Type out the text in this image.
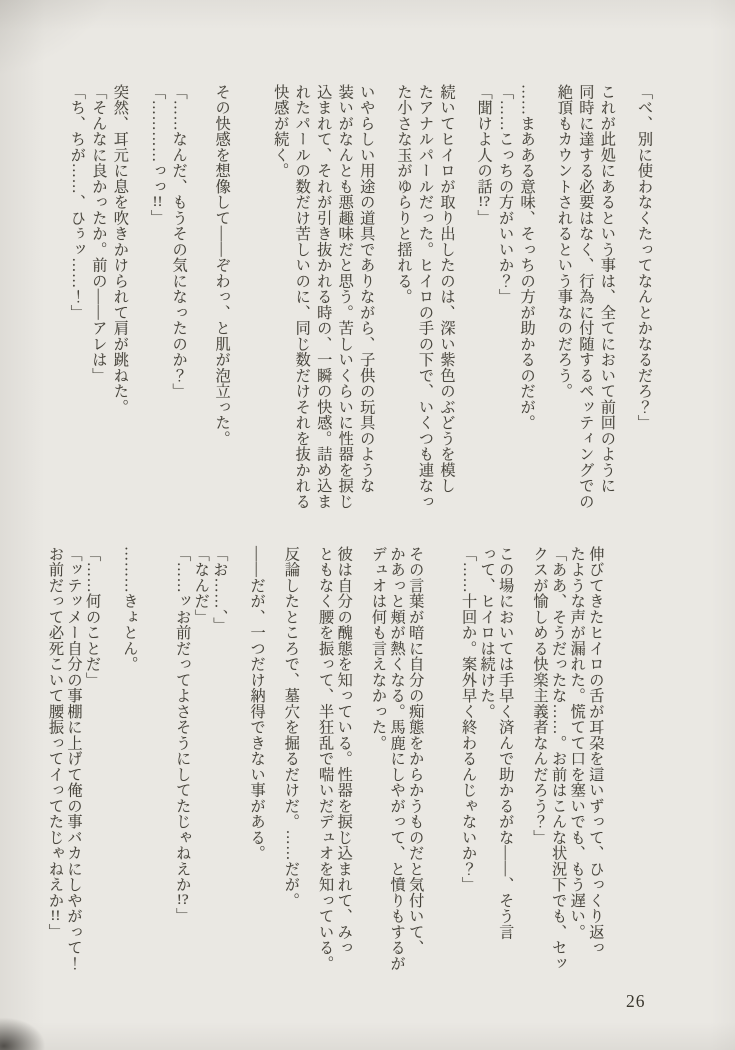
「べ、別に使わなくたってなんとかなるだろ？」
これが此処にあるという事は、全てにおいて前回のように
同時に達する必要はなく、行為に付随するペッティングでの
絶頂もカウントされるという事なのだろう。
……まあある意味、そっちの方が助かるのだが。
「……こっちの方がいいか？」
「聞けよ人の話!?」
続いてヒイロが取り出したのは、深い紫色のぶどうを模し
たアナルパールだった。ヒイロの手の下で、いくつも連なっ
た小さな玉がゆらりと揺れる。
いやらしい用途の道具でありながら、子供の玩具のような
装いがなんとも悪趣味だと思う。苦しいくらいに性器を捩じ
込まれて、それが引き抜かれる時の、一瞬の快感。詰め込ま
れたパールの数だけ苦しいのに、同じ数だけそれを抜かれる
快感が続く。

その快感を想像して――ぞわっ、と肌が泡立った。

「……なんだ、もうその気になったのか？」
「…………っっ!!」
突然、耳元に息を吹きかけられて肩が跳ねた。
「そんなに良かったか。前の――アレは」
「ち、ちが……、ひぅッ……！」
伸びてきたヒイロの舌が耳朶を這いずって、ひっくり返っ
たような声が漏れた。慌てて口を塞いでも、もう遅い。
「ああ、そうだったな……。お前はこんな状況下でも、セッ
クスが愉しめる快楽主義者なんだろう？」
この場においては手早く済んで助かるがな――、そう言
って、ヒイロは続けた。
「……十回か。案外早く終わるんじゃないか？」

その言葉が暗に自分の痴態をからかうものだと気付いて、
かあっと頬が熱くなる。馬鹿にしやがって、と憤りもするが
デュオは何も言えなかった。
彼は自分の醜態を知っている。性器を捩じ込まれて、みっ
ともなく腰を振って、半狂乱で喘いだデュオを知っている。
反論したところで、墓穴を掘るだけだ。……だが。
――だが、一つだけ納得できない事がある。

「お……、」
「なんだ」
「……ッお前だってよさそうにしてたじゃねえか!?」

………きょとん。

「……何のことだ」
「ッテッメー自分の事棚に上げて俺の事バカにしやがって！
お前だって必死こいて腰振ってイってたじゃねえか!!」
26
